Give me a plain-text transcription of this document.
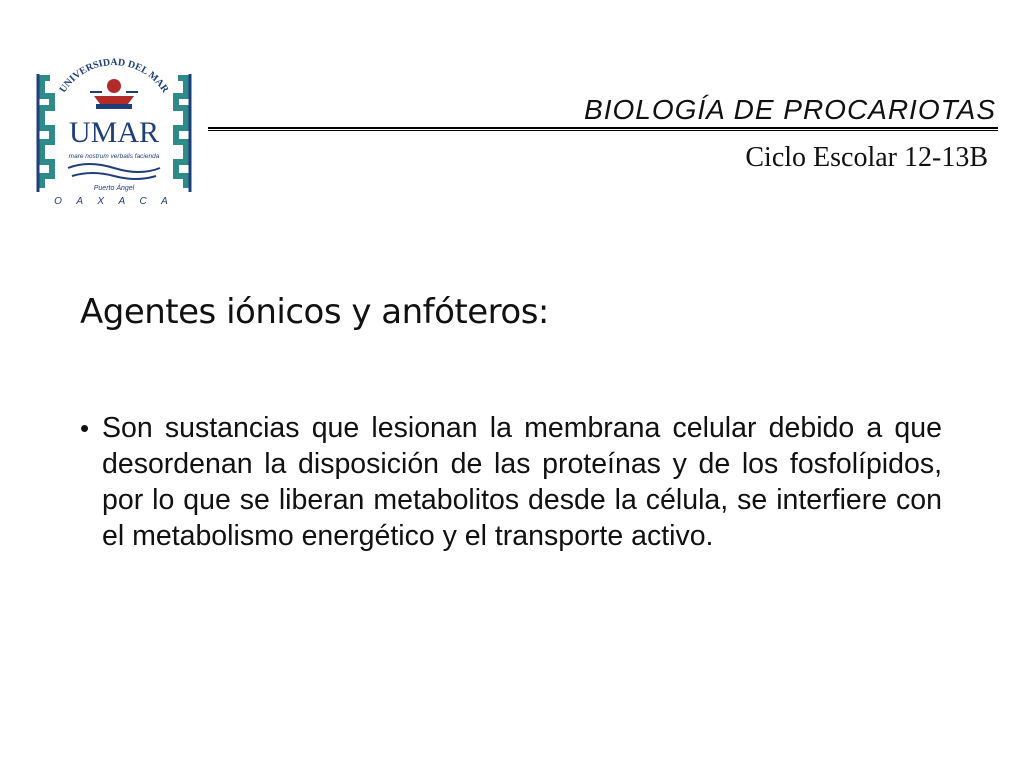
UNIVERSIDAD DEL MAR
UMAR
mare nostrum verbalis facienda
Puerto Ángel
O A X A C A
BIOLOGÍA DE PROCARIOTAS
Ciclo Escolar 12-13B
Agentes iónicos y anfóteros:
• Son sustancias que lesionan la membrana celular debido a que desordenan la disposición de las proteínas y de los fosfolípidos, por lo que se liberan metabolitos desde la célula, se interfiere con el metabolismo energético y el transporte activo.
